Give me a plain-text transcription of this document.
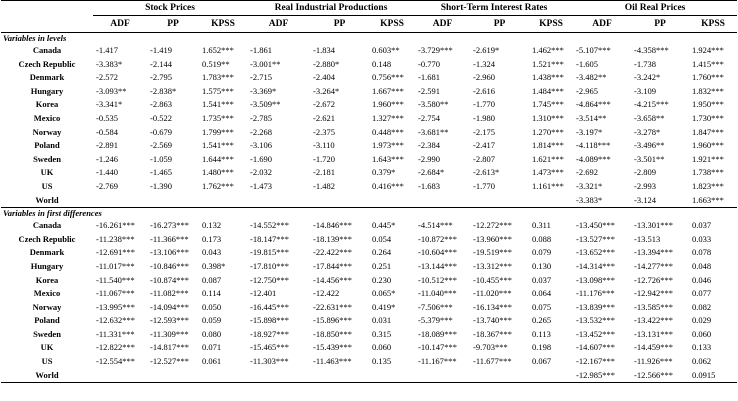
	Stock Prices			Real Industrial Productions			Short-Term Interest Rates			Oil Real Prices		
	ADF	PP	KPSS	ADF	PP	KPSS	ADF	PP	KPSS	ADF	PP	KPSS
Variables in levels												
Canada	-1.417	-1.419	1.652***	-1.861	-1.834	0.603**	-3.729***	-2.619*	1.462***	-5.107***	-4.358***	1.924***
Czech Republic	-3.383*	-2.144	0.519**	-3.001**	-2.880*	0.148	-0.770	-1.324	1.521***	-1.605	-1.738	1.415***
Denmark	-2.572	-2.795	1.783***	-2.715	-2.404	0.756***	-1.681	-2.960	1.438***	-3.482**	-3.242*	1.760***
Hungary	-3.093**	-2.838*	1.575***	-3.369*	-3.264*	1.667***	-2.591	-2.616	1.484***	-2.965	-3.109	1.832***
Korea	-3.341*	-2.863	1.541***	-3.509**	-2.672	1.960***	-3.580**	-1.770	1.745***	-4.864***	-4.215***	1.950***
Mexico	-0.535	-0.522	1.735***	-2.785	-2.621	1.327***	-2.754	-1.980	1.310***	-3.514**	-3.658**	1.730***
Norway	-0.584	-0.679	1.799***	-2.268	-2.375	0.448***	-3.681**	-2.175	1.270***	-3.197*	-3.278*	1.847***
Poland	-2.891	-2.569	1.541***	-3.106	-3.110	1.973***	-2.384	-2.417	1.814***	-4.118***	-3.496**	1.960***
Sweden	-1.246	-1.059	1.644***	-1.690	-1.720	1.643***	-2.990	-2.807	1.621***	-4.089***	-3.501**	1.921***
UK	-1.440	-1.465	1.480***	-2.032	-2.181	0.379*	-2.684*	-2.613*	1.473***	-2.692	-2.809	1.738***
US	-2.769	-1.390	1.762***	-1.473	-1.482	0.416***	-1.683	-1.770	1.161***	-3.321*	-2.993	1.823***
World										-3.383*	-3.124	1.663***
Variables in first differences												
Canada	-16.261***	-16.273***	0.132	-14.552***	-14.846***	0.445*	-4.514***	-12.272***	0.311	-13.450***	-13.301***	0.037
Czech Republic	-11.238***	-11.366***	0.173	-18.147***	-18.139***	0.054	-10.872***	-13.960***	0.088	-13.527***	-13.513	0.033
Denmark	-12.691***	-13.106***	0.043	-19.815***	-22.422***	0.264	-10.604***	-19.519***	0.079	-13.652***	-13.394***	0.078
Hungary	-11.017***	-10.846***	0.398*	-17.810***	-17.844***	0.251	-13.144***	-13.312***	0.130	-14.314***	-14.277***	0.048
Korea	-11.540***	-10.874***	0.087	-12.750***	-14.456***	0.230	-10.512***	-10.455***	0.037	-13.098***	-12.726***	0.046
Mexico	-11.067***	-11.082***	0.114	-12.401	-12.422	0.065*	-11.040***	-11.020***	0.064	-11.176***	-12.942***	0.077
Norway	-13.995***	-14.094***	0.050	-16.445***	-22.631***	0.419*	-7.506***	-16.134***	0.075	-13.839***	-13.585***	0.082
Poland	-12.632***	-12.593***	0.059	-15.898***	-15.896***	0.031	-5.379***	-13.740***	0.265	-13.532***	-13.422***	0.029
Sweden	-11.331***	-11.309***	0.080	-18.927***	-18.850***	0.315	-18.089***	-18.367***	0.113	-13.452***	-13.131***	0.060
UK	-12.822***	-14.817***	0.071	-15.465***	-15.439***	0.060	-10.147***	-9.703***	0.198	-14.607***	-14.459***	0.133
US	-12.554***	-12.527***	0.061	-11.303***	-11.463***	0.135	-11.167***	-11.677***	0.067	-12.167***	-11.926***	0.062
World										-12.985***	-12.566***	0.0915
